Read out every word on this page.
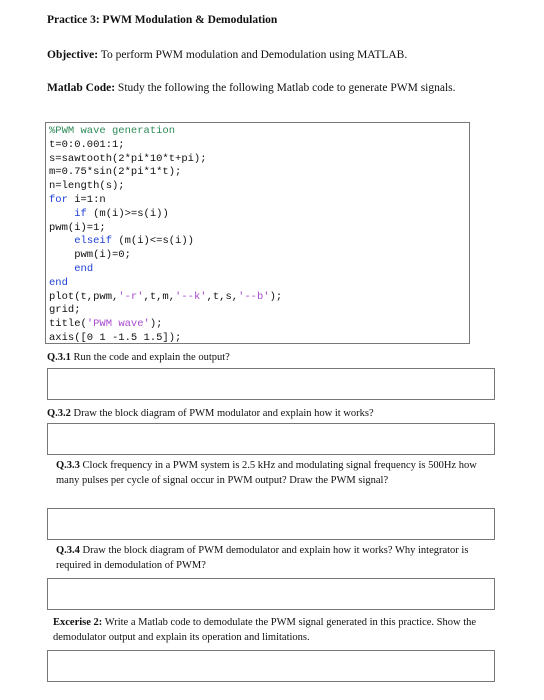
Practice 3: PWM Modulation & Demodulation
Objective: To perform PWM modulation and Demodulation using MATLAB.
Matlab Code: Study the following the following Matlab code to generate PWM signals.
%PWM wave generation
t=0:0.001:1;
s=sawtooth(2*pi*10*t+pi);
m=0.75*sin(2*pi*1*t);
n=length(s);
for i=1:n
if (m(i)>=s(i))
pwm(i)=1;
elseif (m(i)<=s(i))
pwm(i)=0;
end
end
plot(t,pwm,'-r',t,m,'--k',t,s,'--b');
grid;
title('PWM wave');
axis([0 1 -1.5 1.5]);
Q.3.1 Run the code and explain the output?
Q.3.2 Draw the block diagram of PWM modulator and explain how it works?
Q.3.3 Clock frequency in a PWM system is 2.5 kHz and modulating signal frequency is 500Hz how many pulses per cycle of signal occur in PWM output? Draw the PWM signal?
Q.3.4 Draw the block diagram of PWM demodulator and explain how it works? Why integrator is required in demodulation of PWM?
Excerise 2: Write a Matlab code to demodulate the PWM signal generated in this practice. Show the demodulator output and explain its operation and limitations.
